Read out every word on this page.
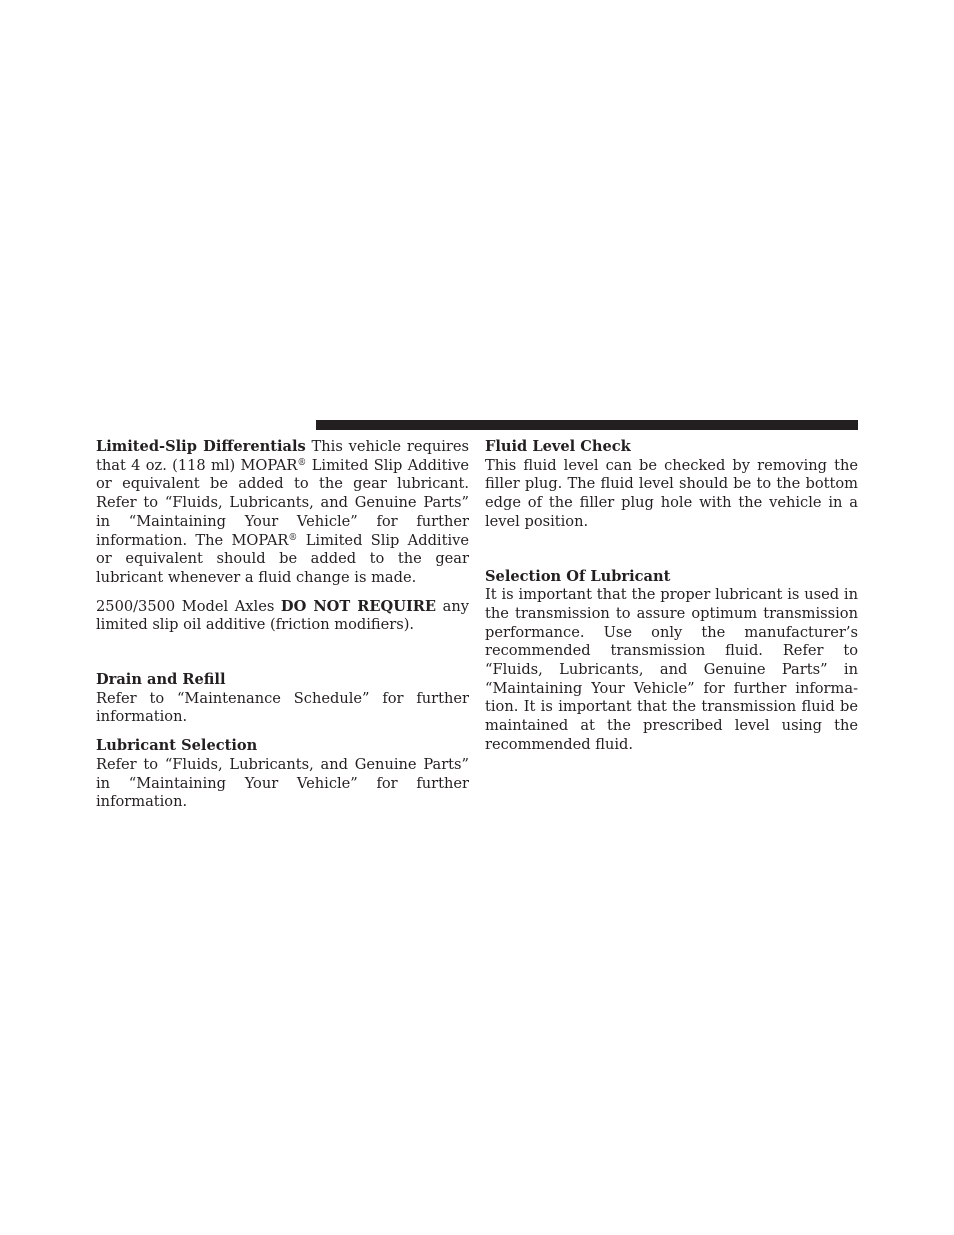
Limited-Slip Differentials This vehicle requires that 4 oz. (118 ml) MOPAR® Limited Slip Additive or equivalent be added to the gear lubricant. Refer to “Fluids, Lubricants, and Genuine Parts” in “Maintaining Your Vehicle” for further information. The MOPAR® Limited Slip Additive or equivalent should be added to the gear lubricant whenever a fluid change is made.

2500/3500 Model Axles DO NOT REQUIRE any limited slip oil additive (friction modifiers).

Drain and Refill

Refer to “Maintenance Schedule” for further information.

Lubricant Selection

Refer to “Fluids, Lubricants, and Genuine Parts” in “Maintaining Your Vehicle” for further information.

Fluid Level Check

This fluid level can be checked by removing the filler plug. The fluid level should be to the bottom edge of the filler plug hole with the vehicle in a level position.

Selection Of Lubricant

It is important that the proper lubricant is used in the transmission to assure optimum transmission performance. Use only the manufacturer’s recommended transmission fluid. Refer to “Fluids, Lubricants, and Genuine Parts” in “Maintaining Your Vehicle” for further information. It is important that the transmission fluid be maintained at the prescribed level using the recommended fluid.
